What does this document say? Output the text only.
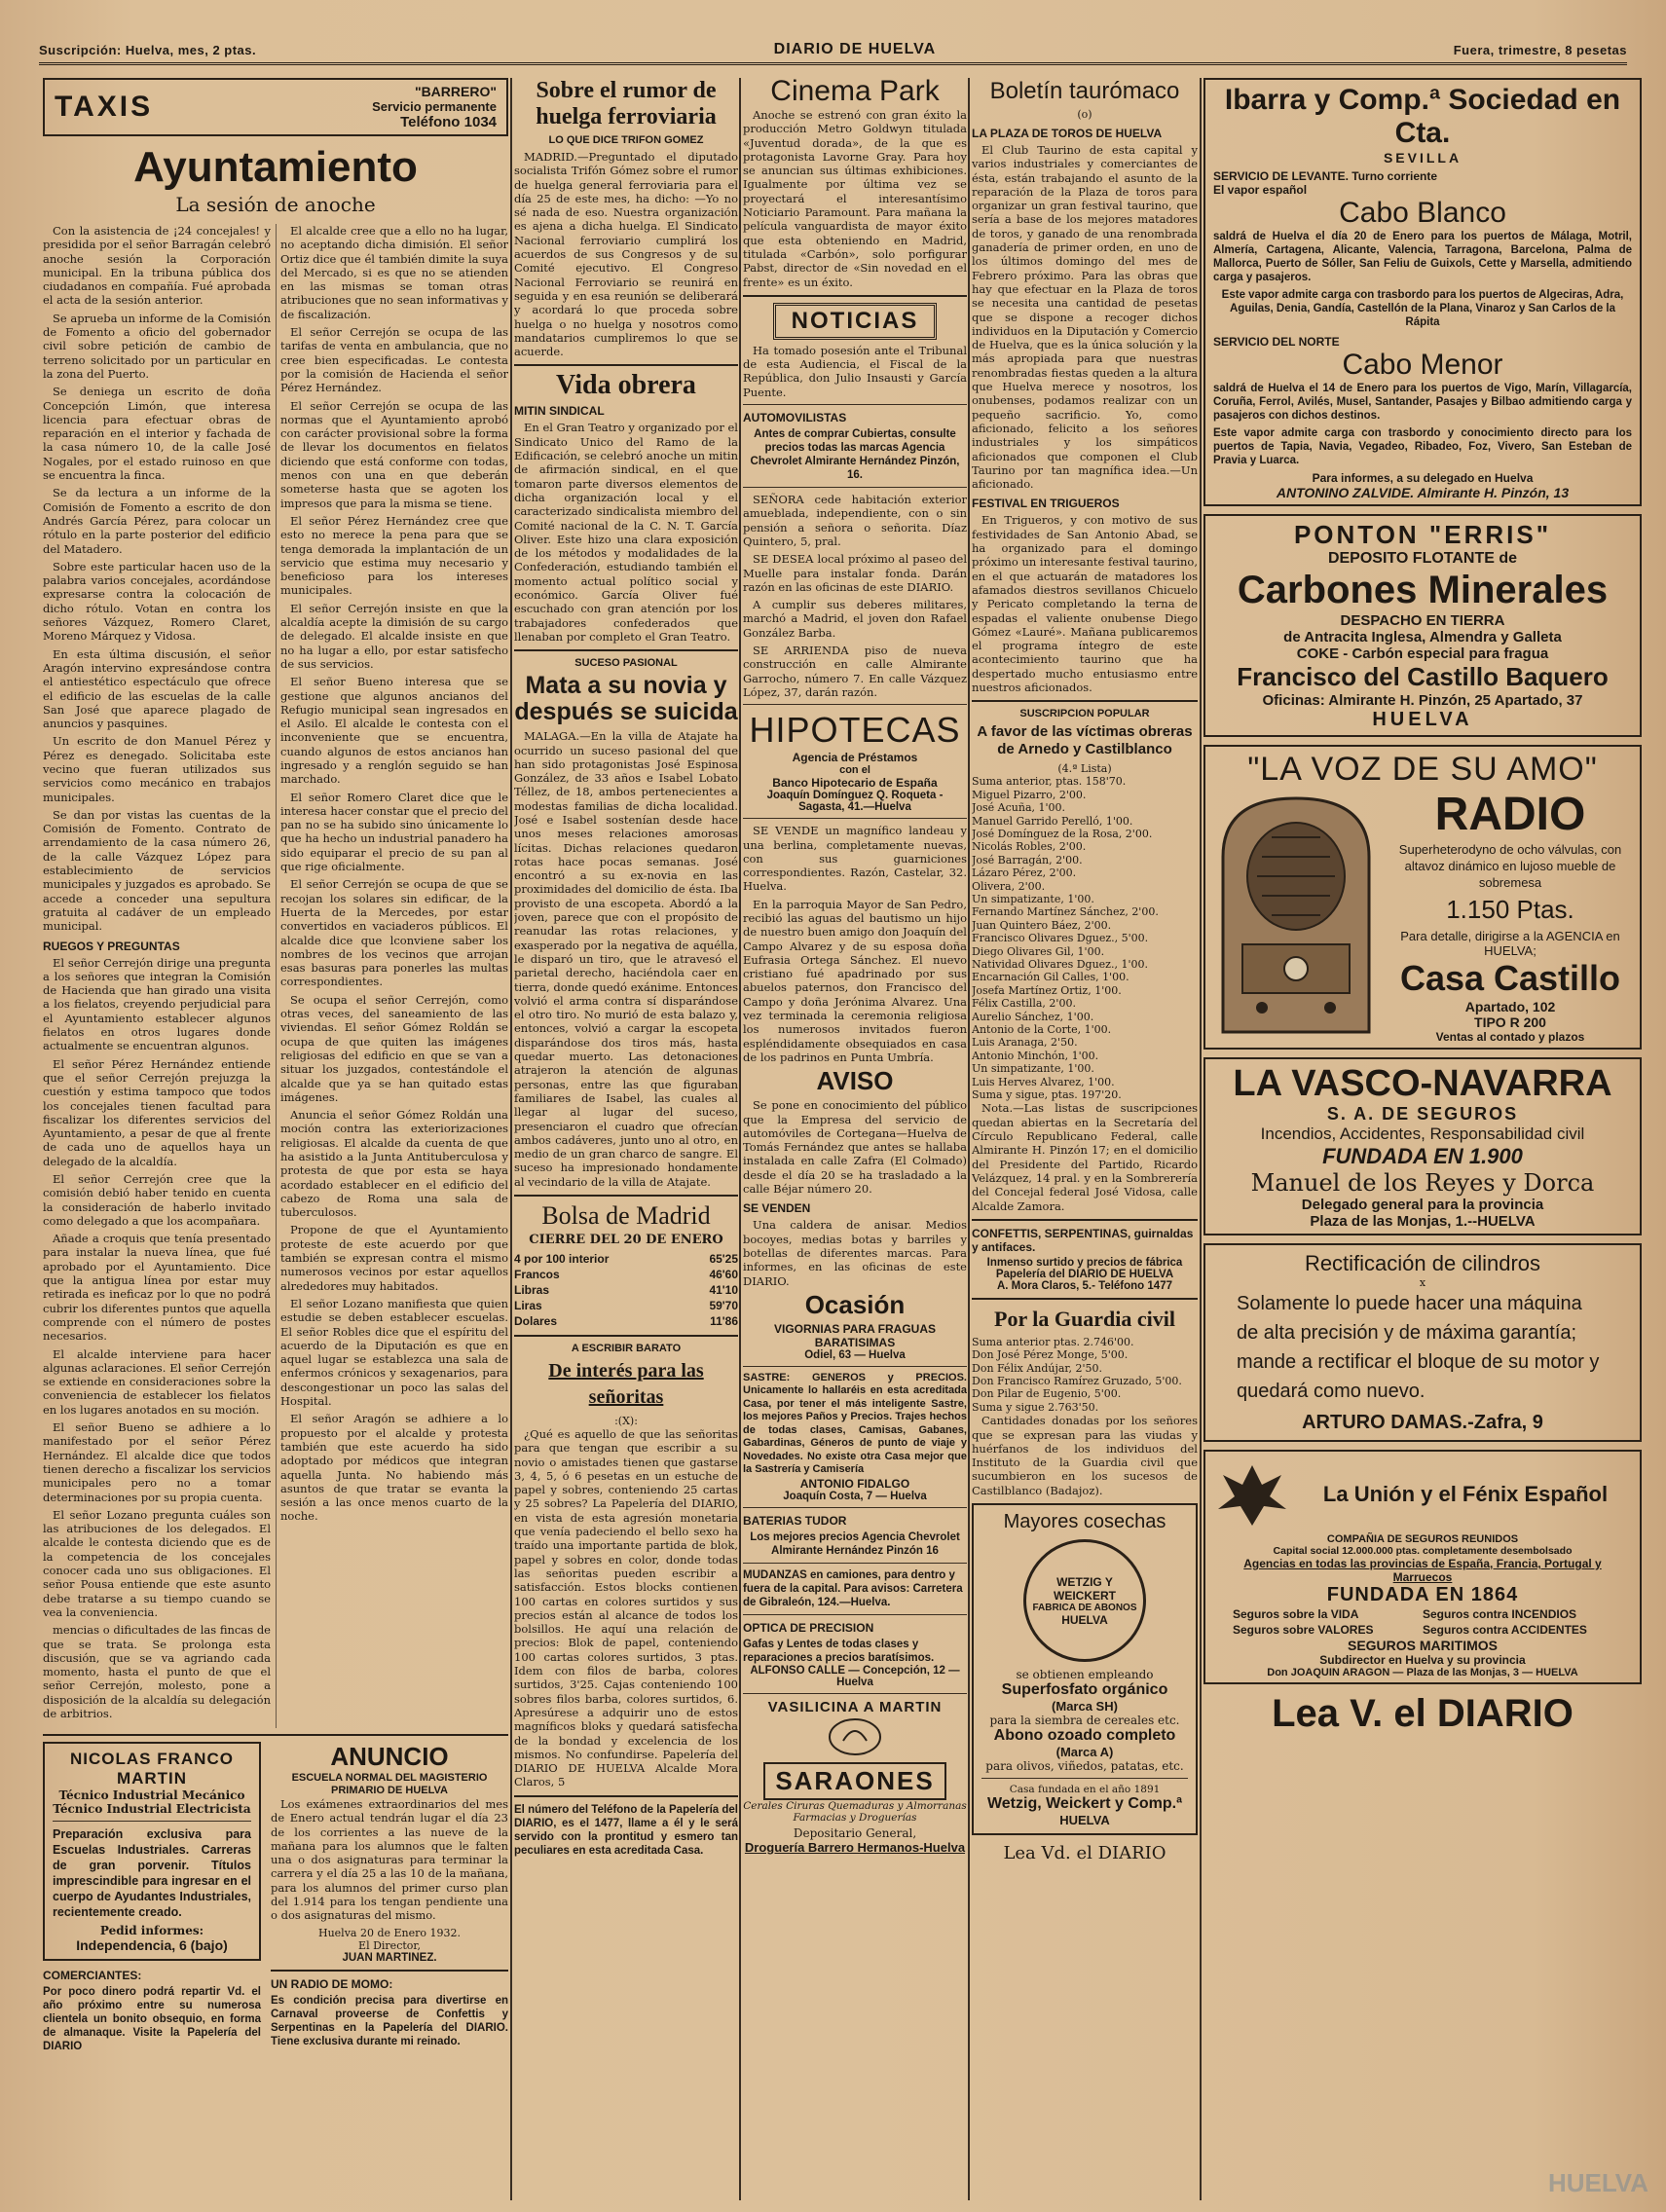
Suscripción: Huelva, mes, 2 ptas.	DIARIO DE HUELVA	Fuera, trimestre, 8 pesetas
TAXIS	"BARRERO"
Servicio permanente
Teléfono 1034
Ayuntamiento
La sesión de anoche

Con la asistencia de ¡24 concejales! y presidida por el señor Barragán celebró anoche sesión la Corporación municipal. En la tribuna pública dos ciudadanos en compañía. Fué aprobada el acta de la sesión anterior.

Se aprueba un informe de la Comisión de Fomento a oficio del gobernador civil sobre petición de cambio de terreno solicitado por un particular en la zona del Puerto.

Se deniega un escrito de doña Concepción Limón, que interesa licencia para efectuar obras de reparación en el interior y fachada de la casa número 10, de la calle José Nogales, por el estado ruinoso en que se encuentra la finca.

Se da lectura a un informe de la Comisión de Fomento a escrito de don Andrés García Pérez, para colocar un rótulo en la parte posterior del edificio del Matadero.

Sobre este particular hacen uso de la palabra varios concejales, acordándose expresarse contra la colocación de dicho rótulo. Votan en contra los señores Vázquez, Romero Claret, Moreno Márquez y Vidosa.

En esta última discusión, el señor Aragón intervino expresándose contra el antiestético espectáculo que ofrece el edificio de las escuelas de la calle San José que aparece plagado de anuncios y pasquines.

Un escrito de don Manuel Pérez y Pérez es denegado. Solicitaba este vecino que fueran utilizados sus servicios como mecánico en trabajos municipales.

Se dan por vistas las cuentas de la Comisión de Fomento. Contrato de arrendamiento de la casa número 26, de la calle Vázquez López para establecimiento de servicios municipales y juzgados es aprobado. Se accede a conceder una sepultura gratuita al cadáver de un empleado municipal.

RUEGOS Y PREGUNTAS

El señor Cerrejón dirige una pregunta a los señores que integran la Comisión de Hacienda que han girado una visita a los fielatos, creyendo perjudicial para el Ayuntamiento establecer algunos fielatos en otros lugares donde actualmente se encuentran algunos.

El señor Pérez Hernández entiende que el señor Cerrejón prejuzga la cuestión y estima tampoco que todos los concejales tienen facultad para fiscalizar los diferentes servicios del Ayuntamiento, a pesar de que al frente de cada uno de aquellos haya un delegado de la alcaldía.

El señor Cerrejón cree que la comisión debió haber tenido en cuenta la consideración de haberlo invitado como delegado a que los acompañara.

Añade a croquis que tenía presentado para instalar la nueva línea, que fué aprobado por el Ayuntamiento. Dice que la antigua línea por estar muy retirada es ineficaz por lo que no podrá cubrir los diferentes puntos que aquella comprende con el número de postes necesarios.

El alcalde interviene para hacer algunas aclaraciones. El señor Cerrejón se extiende en consideraciones sobre la conveniencia de establecer los fielatos en los lugares anotados en su moción.

El señor Bueno se adhiere a lo manifestado por el señor Pérez Hernández. El alcalde dice que todos tienen derecho a fiscalizar los servicios municipales pero no a tomar determinaciones por su propia cuenta.

El señor Lozano pregunta cuáles son las atribuciones de los delegados. El alcalde le contesta diciendo que es de la competencia de los concejales conocer cada uno sus obligaciones. El señor Pousa entiende que este asunto debe tratarse a su tiempo cuando se vea la conveniencia.

mencias o dificultades de las fincas de que se trata. Se prolonga esta discusión, que se va agriando cada momento, hasta el punto de que el señor Cerrejón, molesto, pone a disposición de la alcaldía su delegación de arbitrios.

El alcalde cree que a ello no ha lugar, no aceptando dicha dimisión. El señor Ortiz dice que él también dimite la suya del Mercado, si es que no se atienden en las mismas se toman otras atribuciones que no sean informativas y de fiscalización.

El señor Cerrejón se ocupa de las tarifas de venta en ambulancia, que no cree bien especificadas. Le contesta por la comisión de Hacienda el señor Pérez Hernández.

El señor Cerrejón se ocupa de las normas que el Ayuntamiento aprobó con carácter provisional sobre la forma de llevar los documentos en fielatos diciendo que está conforme con todas, menos con una en que deberán someterse hasta que se agoten los impresos que para la misma se tiene.

El señor Pérez Hernández cree que esto no merece la pena para que se tenga demorada la implantación de un servicio que estima muy necesario y beneficioso para los intereses municipales.

El señor Cerrejón insiste en que la alcaldía acepte la dimisión de su cargo de delegado. El alcalde insiste en que no ha lugar a ello, por estar satisfecho de sus servicios.

El señor Bueno interesa que se gestione que algunos ancianos del Refugio municipal sean ingresados en el Asilo. El alcalde le contesta con el inconveniente que se encuentra, cuando algunos de estos ancianos han ingresado y a renglón seguido se han marchado.

El señor Romero Claret dice que le interesa hacer constar que el precio del pan no se ha subido sino únicamente lo que ha hecho un industrial panadero ha sido equiparar el precio de su pan al que rige oficialmente.

El señor Cerrejón se ocupa de que se recojan los solares sin edificar, de la Huerta de la Mercedes, por estar convertidos en vaciaderos públicos. El alcalde dice que lconviene saber los nombres de los vecinos que arrojan esas basuras para ponerles las multas correspondientes.

Se ocupa el señor Cerrejón, como otras veces, del saneamiento de las viviendas. El señor Gómez Roldán se ocupa de que quiten las imágenes religiosas del edificio en que se van a situar los juzgados, contestándole el alcalde que ya se han quitado estas imágenes.

Anuncia el señor Gómez Roldán una moción contra las exteriorizaciones religiosas. El alcalde da cuenta de que ha asistido a la Junta Antituberculosa y protesta de que por esta se haya acordado establecer en el edificio del cabezo de Roma una sala de tuberculosos.

Propone de que el Ayuntamiento proteste de este acuerdo por que también se expresan contra el mismo numerosos vecinos por estar aquellos alrededores muy habitados.

El señor Lozano manifiesta que quien estudie se deben establecer escuelas. El señor Robles dice que el espíritu del acuerdo de la Diputación es que en aquel lugar se establezca una sala de enfermos crónicos y sexagenarios, para descongestionar un poco las salas del Hospital.

El señor Aragón se adhiere a lo propuesto por el alcalde y protesta también que este acuerdo ha sido adoptado por médicos que integran aquella Junta. No habiendo más asuntos de que tratar se evanta la sesión a las once menos cuarto de la noche.

NICOLAS FRANCO MARTIN
Técnico Industrial Mecánico
Técnico Industrial Electricista
Preparación exclusiva para Escuelas Industriales. Carreras de gran porvenir. Títulos imprescindible para ingresar en el cuerpo de Ayudantes Industriales, recientemente creado.
Pedid informes:
Independencia, 6 (bajo)
COMERCIANTES:
Por poco dinero podrá repartir Vd. el año próximo entre su numerosa clientela un bonito obsequio, en forma de almanaque. Visite la Papelería del DIARIO
ANUNCIO
ESCUELA NORMAL DEL MAGISTERIO PRIMARIO DE HUELVA

Los exámenes extraordinarios del mes de Enero actual tendrán lugar el día 23 de los corrientes a las nueve de la mañana para los alumnos que le falten una o dos asignaturas para terminar la carrera y el día 25 a las 10 de la mañana, para los alumnos del primer curso plan del 1.914 para los tengan pendiente una o dos asignaturas del mismo.

Huelva 20 de Enero 1932.
El Director,
JUAN MARTINEZ.
UN RADIO DE MOMO:
Es condición precisa para divertirse en Carnaval proveerse de Confettis y Serpentinas en la Papelería del DIARIO. Tiene exclusiva durante mi reinado.
Sobre el rumor de huelga ferroviaria
LO QUE DICE TRIFON GOMEZ

MADRID.—Preguntado el diputado socialista Trifón Gómez sobre el rumor de huelga general ferroviaria para el día 25 de este mes, ha dicho: —Yo no sé nada de eso. Nuestra organización es ajena a dicha huelga. El Sindicato Nacional ferroviario cumplirá los acuerdos de sus Congresos y de su Comité ejecutivo. El Congreso Nacional Ferroviario se reunirá en seguida y en esa reunión se deliberará y acordará lo que proceda sobre huelga o no huelga y nosotros como mandatarios cumpliremos lo que se acuerde.

Vida obrera
MITIN SINDICAL

En el Gran Teatro y organizado por el Sindicato Unico del Ramo de la Edificación, se celebró anoche un mitin de afirmación sindical, en el que tomaron parte diversos elementos de dicha organización local y el caracterizado sindicalista miembro del Comité nacional de la C. N. T. García Oliver. Este hizo una clara exposición de los métodos y modalidades de la Confederación, estudiando también el momento actual político social y económico. García Oliver fué escuchado con gran atención por los trabajadores confederados que llenaban por completo el Gran Teatro.

SUCESO PASIONAL
Mata a su novia y después se suicida

MALAGA.—En la villa de Atajate ha ocurrido un suceso pasional del que han sido protagonistas José Espinosa González, de 33 años e Isabel Lobato Téllez, de 18, ambos pertenecientes a modestas familias de dicha localidad. José e Isabel sostenían desde hace unos meses relaciones amorosas lícitas. Dichas relaciones quedaron rotas hace pocas semanas. José encontró a su ex-novia en las proximidades del domicilio de ésta. Iba provisto de una escopeta. Abordó a la joven, parece que con el propósito de reanudar las rotas relaciones, y exasperado por la negativa de aquélla, le disparó un tiro, que le atravesó el parietal derecho, haciéndola caer en tierra, donde quedó exánime. Entonces volvió el arma contra sí disparándose el otro tiro. No murió de esta balazo y, entonces, volvió a cargar la escopeta disparándose dos tiros más, hasta quedar muerto. Las detonaciones atrajeron la atención de algunas personas, entre las que figuraban familiares de Isabel, las cuales al llegar al lugar del suceso, presenciaron el cuadro que ofrecían ambos cadáveres, junto uno al otro, en medio de un gran charco de sangre. El suceso ha impresionado hondamente al vecindario de la villa de Atajate.

Bolsa de Madrid
CIERRE DEL 20 DE ENERO
4 por 100 interior	65'25
Francos	46'60
Libras	41'10
Liras	59'70
Dolares	11'86
A ESCRIBIR BARATO
De interés para las señoritas
:(X):

¿Qué es aquello de que las señoritas para que tengan que escribir a su novio o amistades tienen que gastarse 3, 4, 5, ó 6 pesetas en un estuche de papel y sobres, conteniendo 25 cartas y 25 sobres? La Papelería del DIARIO, en vista de esta agresión monetaria que venía padeciendo el bello sexo ha traído una importante partida de blok, papel y sobres en color, donde todas las señoritas pueden escribir a satisfacción. Estos blocks contienen 100 cartas en colores surtidos y sus precios están al alcance de todos los bolsillos. He aquí una relación de precios: Blok de papel, conteniendo 100 cartas colores surtidos, 3 ptas. Idem con filos de barba, colores surtidos, 3'25. Cajas conteniendo 100 sobres filos barba, colores surtidos, 6. Apresúrese a adquirir uno de estos magníficos bloks y quedará satisfecha de la bondad y excelencia de los mismos. No confundirse. Papelería del DIARIO DE HUELVA Alcalde Mora Claros, 5

El número del Teléfono de la Papelería del DIARIO, es el 1477, llame a él y le será servido con la prontitud y esmero tan peculiares en esta acreditada Casa.
Cinema Park

Anoche se estrenó con gran éxito la producción Metro Goldwyn titulada «Juventud dorada», de la que es protagonista Lavorne Gray. Para hoy se anuncian sus últimas exhibiciones. Igualmente por última vez se proyectará el interesantísimo Noticiario Paramount. Para mañana la película vanguardista de mayor éxito que esta obteniendo en Madrid, titulada «Carbón», solo porfigurar Pabst, director de «Sin novedad en el frente» es un éxito.

NOTICIAS

Ha tomado posesión ante el Tribunal de esta Audiencia, el Fiscal de la República, don Julio Insausti y García Puente.

AUTOMOVILISTAS
Antes de comprar Cubiertas, consulte precios todas las marcas Agencia Chevrolet Almirante Hernández Pinzón, 16.

SEÑORA cede habitación exterior amueblada, independiente, con o sin pensión a señora o señorita. Díaz Quintero, 5, pral.

SE DESEA local próximo al paseo del Muelle para instalar fonda. Darán razón en las oficinas de este DIARIO.

A cumplir sus deberes militares, marchó a Madrid, el joven don Rafael González Barba.

SE ARRIENDA piso de nueva construcción en calle Almirante Garrocho, número 7. En calle Vázquez López, 37, darán razón.

HIPOTECAS
Agencia de Préstamos
con el
Banco Hipotecario de España
Joaquín Domínguez Q. Roqueta - Sagasta, 41.—Huelva

SE VENDE un magnífico landeau y una berlina, completamente nuevas, con sus guarniciones correspondientes. Razón, Castelar, 32. Huelva.

En la parroquia Mayor de San Pedro, recibió las aguas del bautismo un hijo de nuestro buen amigo don Joaquín del Campo Alvarez y de su esposa doña Eufrasia Ortega Sánchez. El nuevo cristiano fué apadrinado por sus abuelos paternos, don Francisco del Campo y doña Jerónima Alvarez. Una vez terminada la ceremonia religiosa los numerosos invitados fueron espléndidamente obsequiados en casa de los padrinos en Punta Umbría.

AVISO

Se pone en conocimiento del público que la Empresa del servicio de automóviles de Cortegana—Huelva de Tomás Fernández que antes se hallaba instalada en calle Zafra (El Colmado) desde el día 20 se ha trasladado a la calle Béjar número 20.

SE VENDEN

Una caldera de anisar. Medios bocoyes, medias botas y barriles y botellas de diferentes marcas. Para informes, en las oficinas de este DIARIO.

Ocasión
VIGORNIAS PARA FRAGUAS
BARATISIMAS
Odiel, 63 — Huelva
SASTRE: GENEROS y PRECIOS. Unicamente lo hallaréis en esta acreditada Casa, por tener el más inteligente Sastre, los mejores Paños y Precios. Trajes hechos de todas clases, Camisas, Gabanes, Gabardinas, Géneros de punto de viaje y Novedades. No existe otra Casa mejor que la Sastrería y Camisería
ANTONIO FIDALGO
Joaquín Costa, 7 — Huelva
BATERIAS TUDOR
Los mejores precios Agencia Chevrolet Almirante Hernández Pinzón 16
MUDANZAS en camiones, para dentro y fuera de la capital. Para avisos: Carretera de Gibraleón, 124.—Huelva.
OPTICA DE PRECISION
Gafas y Lentes de todas clases y reparaciones a precios baratísimos.
ALFONSO CALLE — Concepción, 12 — Huelva
VASILICINA A MARTIN
SARAONES
Cerales Ciruras Quemaduras y Almorranas
Farmacias y Droguerías
Depositario General,
Droguería Barrero Hermanos-Huelva
Boletín taurómaco
(o)
LA PLAZA DE TOROS DE HUELVA

El Club Taurino de esta capital y varios industriales y comerciantes de ésta, están trabajando el asunto de la reparación de la Plaza de toros para organizar un gran festival taurino, que sería a base de los mejores matadores de toros, y ganado de una renombrada ganadería de primer orden, en uno de los últimos domingo del mes de Febrero próximo. Para las obras que hay que efectuar en la Plaza de toros se necesita una cantidad de pesetas que se dispone a recoger dichos individuos en la Diputación y Comercio de Huelva, que es la única solución y la más apropiada para que nuestras renombradas fiestas queden a la altura que Huelva merece y nosotros, los onubenses, podamos realizar con un pequeño sacrificio. Yo, como aficionado, felicito a los señores industriales y los simpáticos aficionados que componen el Club Taurino por tan magnífica idea.—Un aficionado.

FESTIVAL EN TRIGUEROS

En Trigueros, y con motivo de sus festividades de San Antonio Abad, se ha organizado para el domingo próximo un interesante festival taurino, en el que actuarán de matadores los afamados diestros sevillanos Chicuelo y Pericato completando la terna de espadas el valiente onubense Diego Gómez «Lauré». Mañana publicaremos el programa íntegro de este acontecimiento taurino que ha despertado mucho entusiasmo entre nuestros aficionados.

SUSCRIPCION POPULAR
A favor de las víctimas obreras de Arnedo y Castilblanco
(4.ª Lista)
Suma anterior, ptas. 158'70.
Miguel Pizarro, 2'00.
José Acuña, 1'00.
Manuel Garrido Perelló, 1'00.
José Domínguez de la Rosa, 2'00.
Nicolás Robles, 2'00.
José Barragán, 2'00.
Lázaro Pérez, 2'00.
Olivera, 2'00.
Un simpatizante, 1'00.
Fernando Martínez Sánchez, 2'00.
Juan Quintero Báez, 2'00.
Francisco Olivares Dguez., 5'00.
Diego Olivares Gil, 1'00.
Natividad Olivares Dguez., 1'00.
Encarnación Gil Calles, 1'00.
Josefa Martínez Ortiz, 1'00.
Félix Castilla, 2'00.
Aurelio Sánchez, 1'00.
Antonio de la Corte, 1'00.
Luis Aranaga, 2'50.
Antonio Minchón, 1'00.
Un simpatizante, 1'00.
Luis Herves Alvarez, 1'00.
Suma y sigue, ptas. 197'20.

Nota.—Las listas de suscripciones quedan abiertas en la Secretaría del Círculo Republicano Federal, calle Almirante H. Pinzón 17; en el domicilio del Presidente del Partido, Ricardo Velázquez, 14 pral. y en la Sombrerería del Concejal federal José Vidosa, calle Alcalde Zamora.

CONFETTIS, SERPENTINAS, guirnaldas y antifaces.
Inmenso surtido y precios de fábrica
Papelería del DIARIO DE HUELVA
A. Mora Claros, 5.- Teléfono 1477
Por la Guardia civil
Suma anterior ptas. 2.746'00.
Don José Pérez Monge, 5'00.
Don Félix Andújar, 2'50.
Don Francisco Ramírez Gruzado, 5'00.
Don Pilar de Eugenio, 5'00.
Suma y sigue 2.763'50.

Cantidades donadas por los señores que se expresan para las viudas y huérfanos de los individuos del Instituto de la Guardia civil que sucumbieron en los sucesos de Castilblanco (Badajoz).

Mayores cosechas
WETZIG Y WEICKERT
FABRICA DE ABONOS
HUELVA
se obtienen empleando
Superfosfato orgánico
(Marca SH)
para la siembra de cereales etc.
Abono ozoado completo
(Marca A)
para olivos, viñedos, patatas, etc.
Casa fundada en el año 1891
Wetzig, Weickert y Comp.ª
HUELVA
Lea Vd. el DIARIO
Ibarra y Comp.ª Sociedad en Cta.
SEVILLA
SERVICIO DE LEVANTE. Turno corriente
El vapor español
Cabo Blanco
saldrá de Huelva el día 20 de Enero para los puertos de Málaga, Motril, Almería, Cartagena, Alicante, Valencia, Tarragona, Barcelona, Palma de Mallorca, Puerto de Sóller, San Feliu de Guixols, Cette y Marsella, admitiendo carga y pasajeros.
Este vapor admite carga con trasbordo para los puertos de Algeciras, Adra, Aguilas, Denia, Gandía, Castellón de la Plana, Vinaroz y San Carlos de la Rápita
SERVICIO DEL NORTE
Cabo Menor
saldrá de Huelva el 14 de Enero para los puertos de Vigo, Marín, Villagarcía, Coruña, Ferrol, Avilés, Musel, Santander, Pasajes y Bilbao admitiendo carga y pasajeros con dichos destinos.
Este vapor admite carga con trasbordo y conocimiento directo para los puertos de Tapia, Navia, Vegadeo, Ribadeo, Foz, Vivero, San Esteban de Pravia y Luarca.
Para informes, a su delegado en Huelva
ANTONINO ZALVIDE. Almirante H. Pinzón, 13
PONTON "ERRIS"
DEPOSITO FLOTANTE de
Carbones Minerales
DESPACHO EN TIERRA
de Antracita Inglesa, Almendra y Galleta
COKE - Carbón especial para fragua
Francisco del Castillo Baquero
Oficinas: Almirante H. Pinzón, 25 Apartado, 37
HUELVA
"LA VOZ DE SU AMO"
RADIO
Superheterodyno de ocho válvulas, con altavoz dinámico en lujoso mueble de sobremesa
1.150 Ptas.
Para detalle, dirigirse a la AGENCIA en HUELVA;
Casa Castillo
Apartado, 102
TIPO R 200
Ventas al contado y plazos
LA VASCO-NAVARRA
S. A. DE SEGUROS
Incendios, Accidentes, Responsabilidad civil
FUNDADA EN 1.900
Manuel de los Reyes y Dorca
Delegado general para la provincia
Plaza de las Monjas, 1.--HUELVA
Rectificación de cilindros
x
Solamente lo puede hacer una máquina de alta precisión y de máxima garantía; mande a rectificar el bloque de su motor y quedará como nuevo.
ARTURO DAMAS.-Zafra, 9
La Unión y el Fénix Español
COMPAÑIA DE SEGUROS REUNIDOS
Capital social 12.000.000 ptas. completamente desembolsado
Agencias en todas las provincias de España, Francia, Portugal y Marruecos
FUNDADA EN 1864
Seguros sobre la VIDA	Seguros contra INCENDIOS
Seguros sobre VALORES	Seguros contra ACCIDENTES
SEGUROS MARITIMOS
Subdirector en Huelva y su provincia
Don JOAQUIN ARAGON — Plaza de las Monjas, 3 — HUELVA
Lea V. el DIARIO
HUELVA
